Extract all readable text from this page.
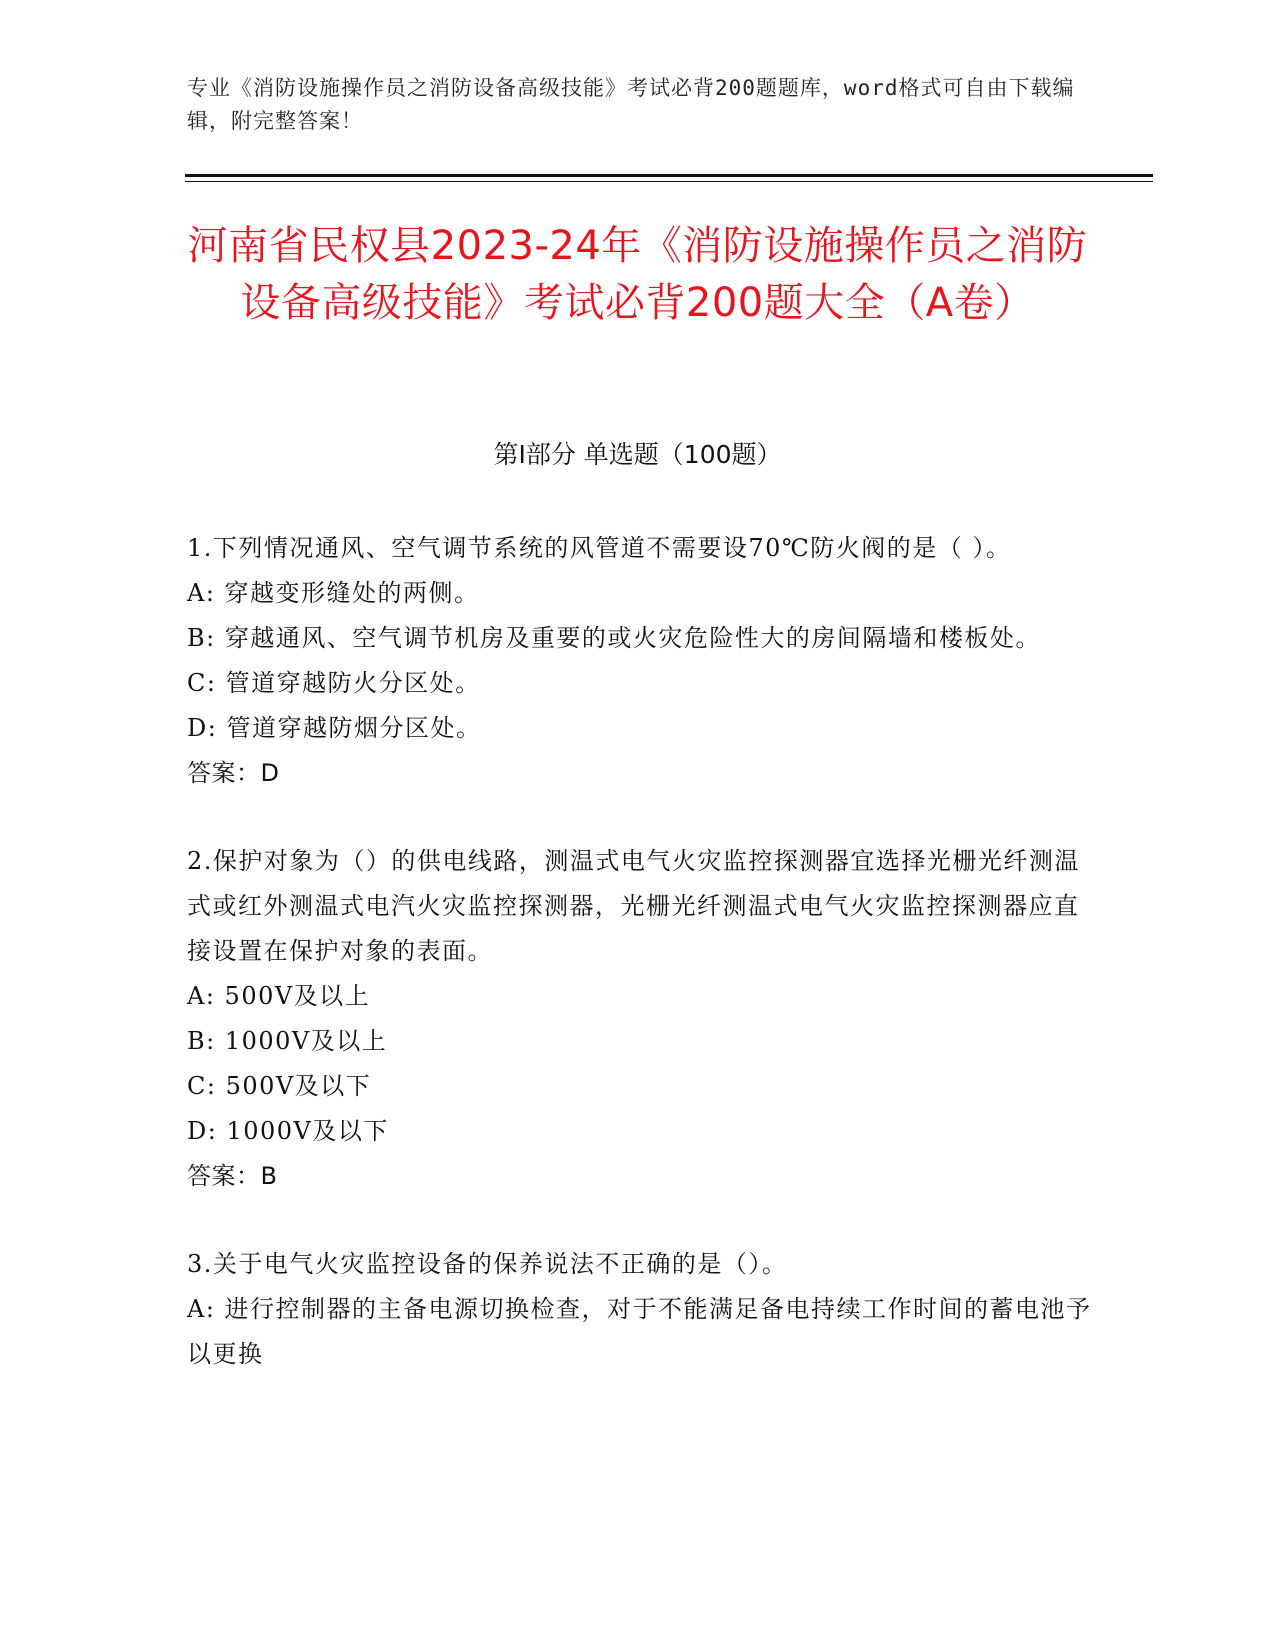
专业《消防设施操作员之消防设备高级技能》考试必背200题题库，word格式可自由下载编辑，附完整答案！
河南省民权县2023-24年《消防设施操作员之消防设备高级技能》考试必背200题大全（A卷）
第I部分 单选题（100题）

1.下列情况通风、空气调节系统的风管道不需要设70℃防火阀的是（ ）。

A: 穿越变形缝处的两侧。

B: 穿越通风、空气调节机房及重要的或火灾危险性大的房间隔墙和楼板处。

C: 管道穿越防火分区处。

D: 管道穿越防烟分区处。

答案：D

2.保护对象为（）的供电线路，测温式电气火灾监控探测器宜选择光栅光纤测温式或红外测温式电汽火灾监控探测器，光栅光纤测温式电气火灾监控探测器应直接设置在保护对象的表面。

A: 500V及以上

B: 1000V及以上

C: 500V及以下

D: 1000V及以下

答案：B

3.关于电气火灾监控设备的保养说法不正确的是（）。

A: 进行控制器的主备电源切换检查，对于不能满足备电持续工作时间的蓄电池予以更换
